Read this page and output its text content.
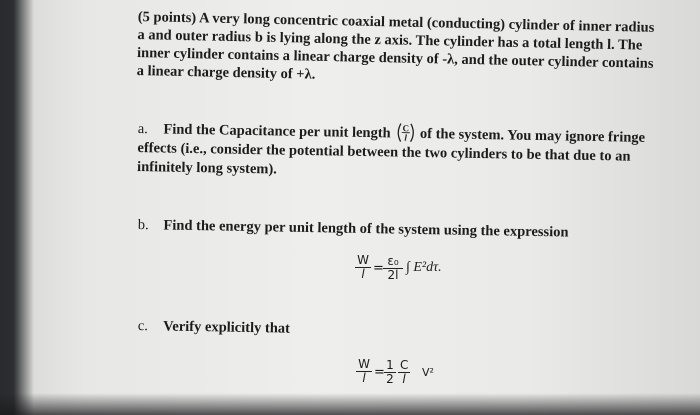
(5 points) A very long concentric coaxial metal (conducting) cylinder of inner radius a and outer radius b is lying along the z axis. The cylinder has a total length l. The inner cylinder contains a linear charge density of -λ, and the outer cylinder contains a linear charge density of +λ.
a. Find the Capacitance per unit length C
l of the system. You may ignore fringe effects (i.e., consider the potential between the two cylinders to be that due to an infinitely long system).
b. Find the energy per unit length of the system using the expression
$\frac{W}{l} = \frac{\text{ε₀}}{2l}$ ∫ E²dτ.
c. Verify explicitly that
$\frac{W}{l} = \frac{1}{2} \frac{C}{l} V^2$
